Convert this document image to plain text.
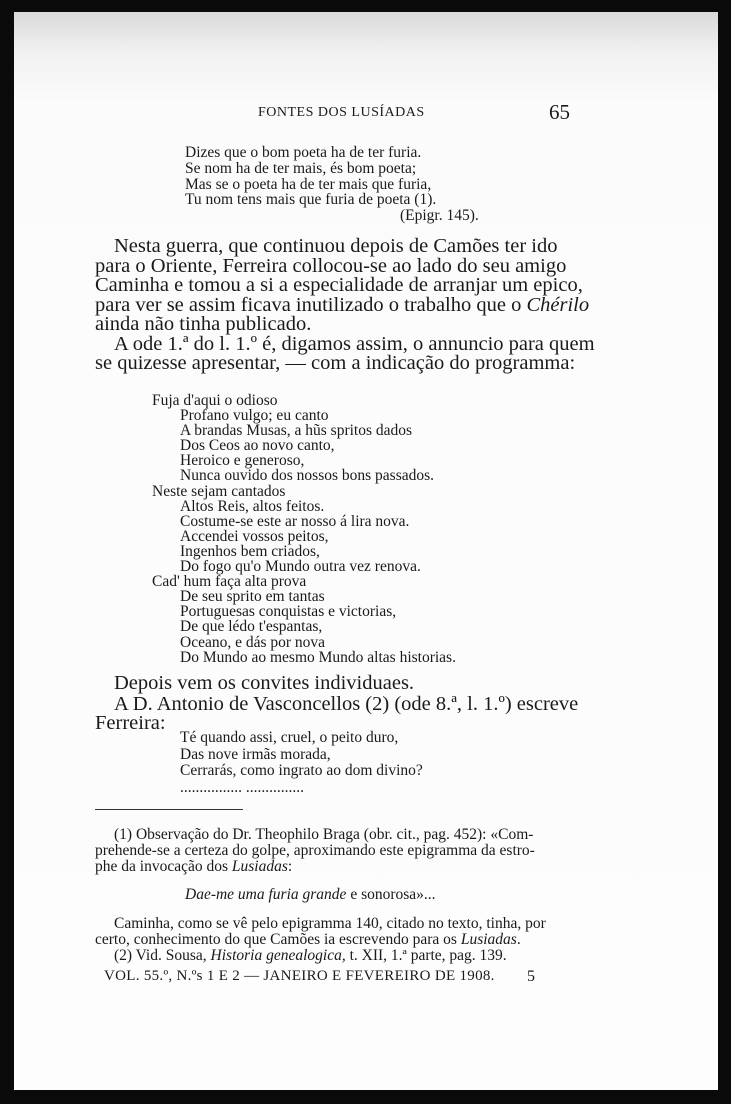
FONTES DOS LUSÍADAS	65
Dizes que o bom poeta ha de ter furia.
Se nom ha de ter mais, és bom poeta;
Mas se o poeta ha de ter mais que furia,
Tu nom tens mais que furia de poeta (1).
(Epigr. 145).
Nesta guerra, que continuou depois de Camões ter ido
para o Oriente, Ferreira collocou-se ao lado do seu amigo
Caminha e tomou a si a especialidade de arranjar um epico,
para ver se assim ficava inutilizado o trabalho que o Chérilo
ainda não tinha publicado.
A ode 1.ª do l. 1.º é, digamos assim, o annuncio para quem
se quizesse apresentar, — com a indicação do programma:
Fuja d'aqui o odioso
Profano vulgo; eu canto
A brandas Musas, a hũs spritos dados
Dos Ceos ao novo canto,
Heroico e generoso,
Nunca ouvido dos nossos bons passados.
Neste sejam cantados
Altos Reis, altos feitos.
Costume-se este ar nosso á lira nova.
Accendei vossos peitos,
Ingenhos bem criados,
Do fogo qu'o Mundo outra vez renova.
Cad' hum faça alta prova
De seu sprito em tantas
Portuguesas conquistas e victorias,
De que lédo t'espantas,
Oceano, e dás por nova
Do Mundo ao mesmo Mundo altas historias.
Depois vem os convites individuaes.
A D. Antonio de Vasconcellos (2) (ode 8.ª, l. 1.º) escreve
Ferreira:
Té quando assi, cruel, o peito duro,
Das nove irmãs morada,
Cerrarás, como ingrato ao dom divino?
................ ...............
(1) Observação do Dr. Theophilo Braga (obr. cit., pag. 452): «Com-
prehende-se a certeza do golpe, aproximando este epigramma da estro-
phe da invocação dos Lusiadas:
Dae-me uma furia grande e sonorosa»...
Caminha, como se vê pelo epigramma 140, citado no texto, tinha, por
certo, conhecimento do que Camões ia escrevendo para os Lusiadas.
(2) Vid. Sousa, Historia genealogica, t. XII, 1.ª parte, pag. 139.
VOL. 55.º, N.ºs 1 E 2 — JANEIRO E FEVEREIRO DE 1908. 5
